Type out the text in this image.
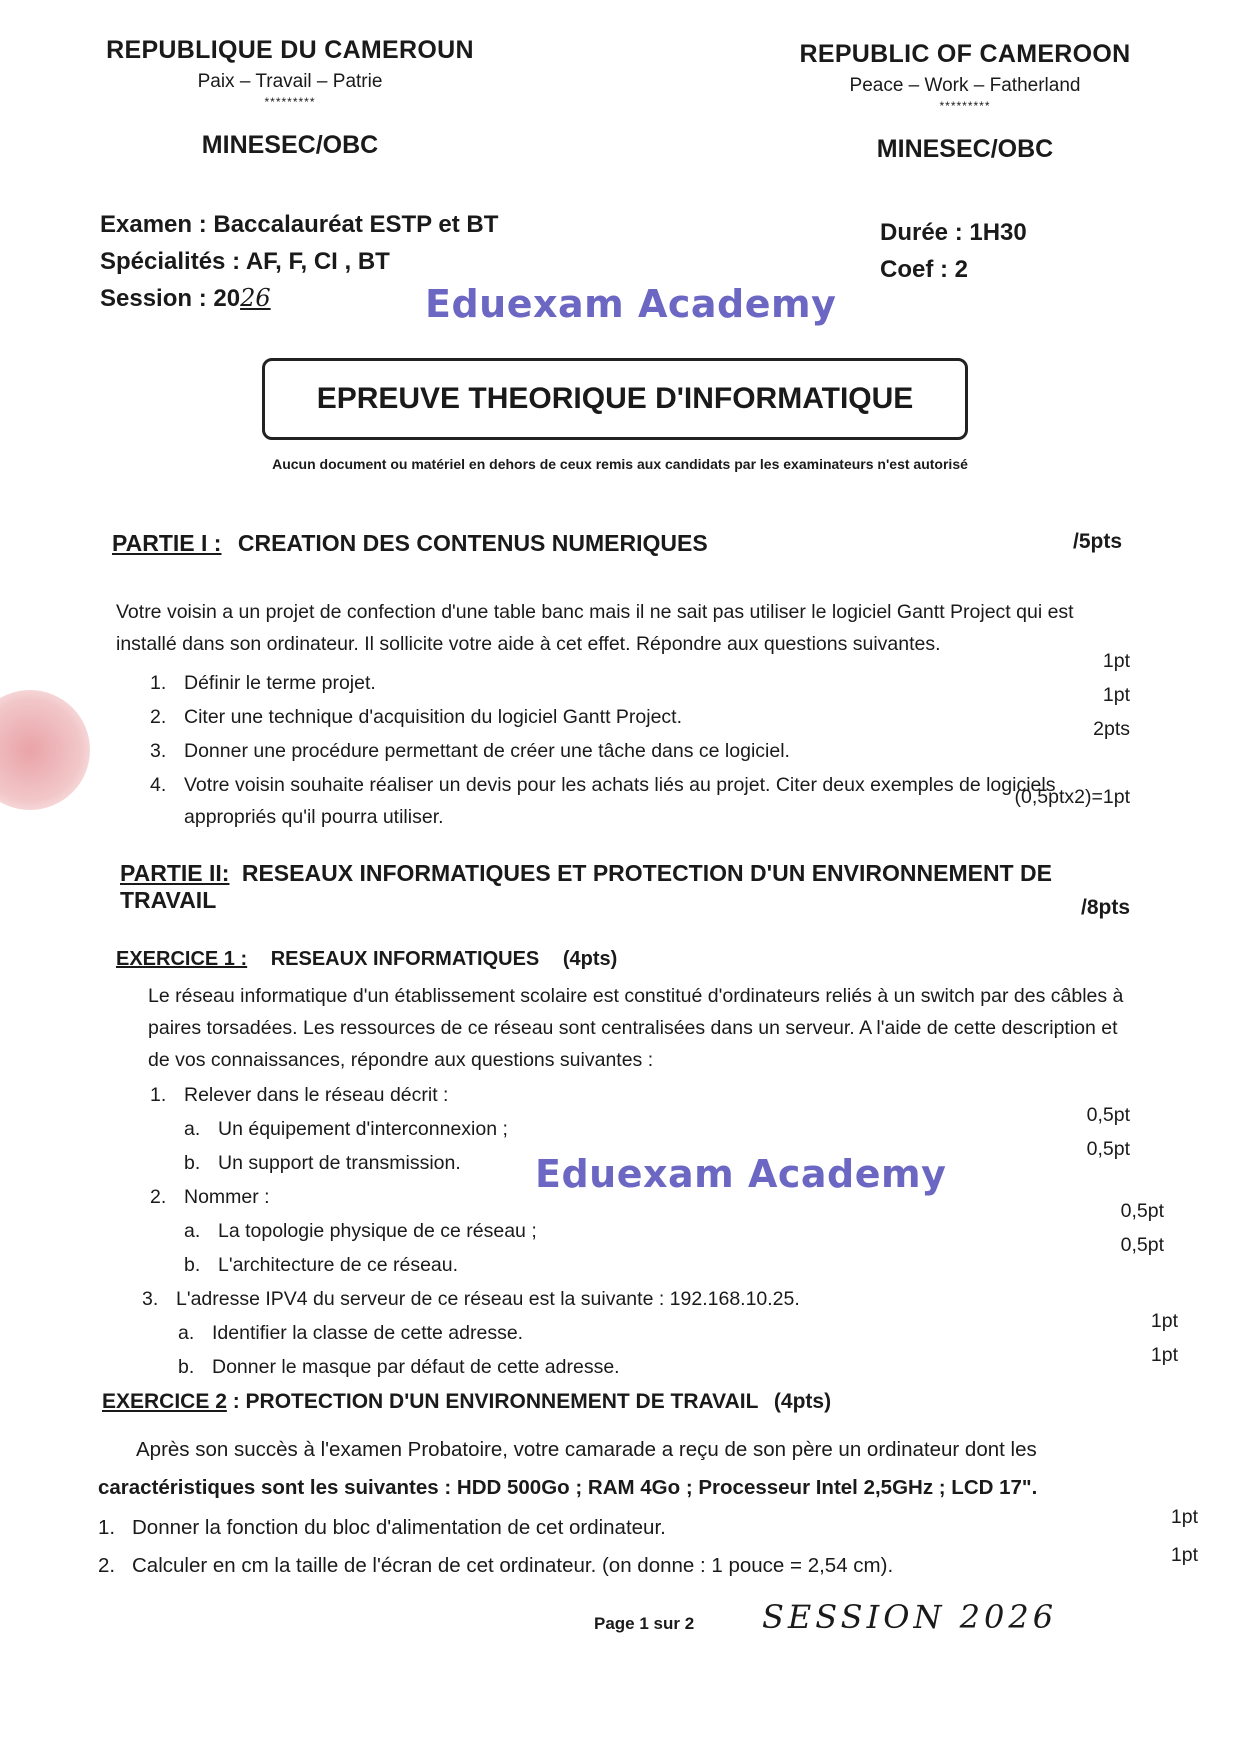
REPUBLIQUE DU CAMEROUN
Paix – Travail – Patrie
*********
MINESEC/OBC
REPUBLIC OF CAMEROON
Peace – Work – Fatherland
*********
MINESEC/OBC
Examen : Baccalauréat ESTP et BT
Spécialités : AF, F, CI , BT
Session : 2026
Durée : 1H30
Coef : 2
Eduexam Academy
EPREUVE THEORIQUE D'INFORMATIQUE
Aucun document ou matériel en dehors de ceux remis aux candidats par les examinateurs n'est autorisé
PARTIE I : CREATION DES CONTENUS NUMERIQUES	/5pts
Votre voisin a un projet de confection d'une table banc mais il ne sait pas utiliser le logiciel Gantt Project qui est installé dans son ordinateur. Il sollicite votre aide à cet effet. Répondre aux questions suivantes.
1. Définir le terme projet.
1pt
2. Citer une technique d'acquisition du logiciel Gantt Project.
1pt
3. Donner une procédure permettant de créer une tâche dans ce logiciel.
2pts
4. Votre voisin souhaite réaliser un devis pour les achats liés au projet. Citer deux exemples de logiciels
appropriés qu'il pourra utiliser.
(0,5ptx2)=1pt
PARTIE II: RESEAUX INFORMATIQUES ET PROTECTION D'UN ENVIRONNEMENT DE TRAVAIL	/8pts
EXERCICE 1 : RESEAUX INFORMATIQUES (4pts)
Le réseau informatique d'un établissement scolaire est constitué d'ordinateurs reliés à un switch par des câbles à paires torsadées. Les ressources de ce réseau sont centralisées dans un serveur. A l'aide de cette description et de vos connaissances, répondre aux questions suivantes :
1. Relever dans le réseau décrit :
a. Un équipement d'interconnexion ;
0,5pt
b. Un support de transmission.
0,5pt
Eduexam Academy
2. Nommer :
a. La topologie physique de ce réseau ;
0,5pt
b. L'architecture de ce réseau.
0,5pt
3. L'adresse IPV4 du serveur de ce réseau est la suivante : 192.168.10.25.
a. Identifier la classe de cette adresse.
1pt
b. Donner le masque par défaut de cette adresse.
1pt
EXERCICE 2 : PROTECTION D'UN ENVIRONNEMENT DE TRAVAIL (4pts)
Après son succès à l'examen Probatoire, votre camarade a reçu de son père un ordinateur dont les
caractéristiques sont les suivantes : HDD 500Go ; RAM 4Go ; Processeur Intel 2,5GHz ; LCD 17".
1. Donner la fonction du bloc d'alimentation de cet ordinateur.	1pt
2. Calculer en cm la taille de l'écran de cet ordinateur. (on donne : 1 pouce = 2,54 cm).	1pt
Page 1 sur 2 SESSION 2026
